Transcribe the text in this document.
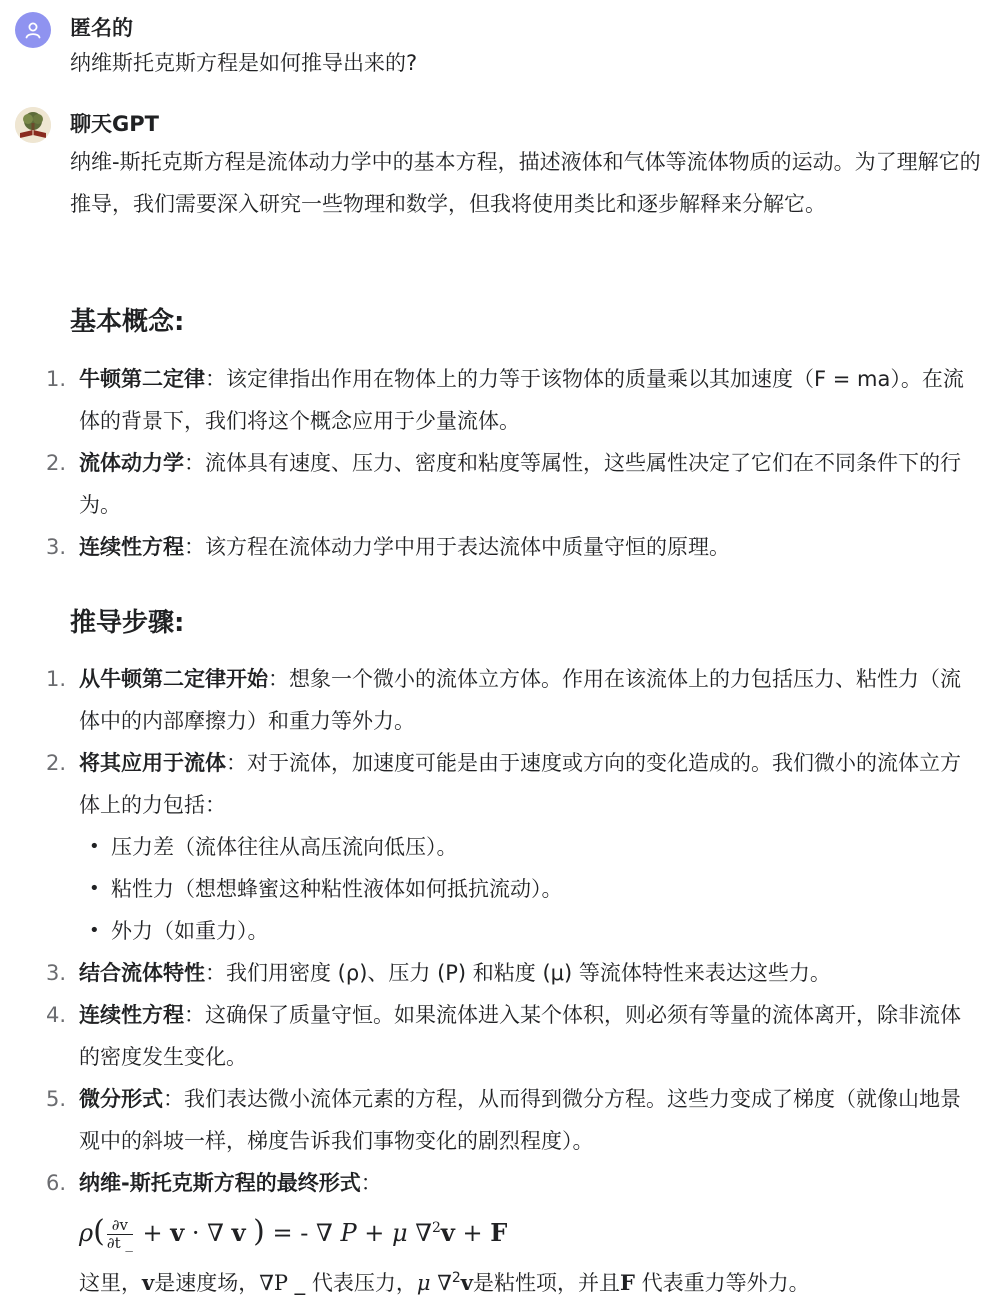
匿名的
纳维斯托克斯方程是如何推导出来的?
聊天GPT
纳维-斯托克斯方程是流体动力学中的基本方程，描述液体和气体等流体物质的运动。为了理解它的推导，我们需要深入研究一些物理和数学，但我将使用类比和逐步解释来分解它。
基本概念:
1. 牛顿第二定律：该定律指出作用在物体上的力等于该物体的质量乘以其加速度（F = ma）。在流体的背景下，我们将这个概念应用于少量流体。
2. 流体动力学：流体具有速度、压力、密度和粘度等属性，这些属性决定了它们在不同条件下的行为。
3. 连续性方程：该方程在流体动力学中用于表达流体中质量守恒的原理。
推导步骤:
1. 从牛顿第二定律开始：想象一个微小的流体立方体。作用在该流体上的力包括压力、粘性力（流体中的内部摩擦力）和重力等外力。
2. 将其应用于流体：对于流体，加速度可能是由于速度或方向的变化造成的。我们微小的流体立方体上的力包括：
• 压力差（流体往往从高压流向低压）。
• 粘性力（想想蜂蜜这种粘性液体如何抵抗流动）。
• 外力（如重力）。
3. 结合流体特性：我们用密度 (ρ)、压力 (P) 和粘度 (μ) 等流体特性来表达这些力。
4. 连续性方程：这确保了质量守恒。如果流体进入某个体积，则必须有等量的流体离开，除非流体的密度发生变化。
5. 微分形式：我们表达微小流体元素的方程，从而得到微分方程。这些力变成了梯度（就像山地景观中的斜坡一样，梯度告诉我们事物变化的剧烈程度）。
6. 纳维-斯托克斯方程的最终形式：
$\rho( \frac{\partial v}{\partial t \_} + v$ · ∇ v ) = - ∇ P + μ ∇$^2$v + F
这里，v是速度场，∇P _ 代表压力，μ ∇$^2$v是粘性项，并且F 代表重力等外力。
